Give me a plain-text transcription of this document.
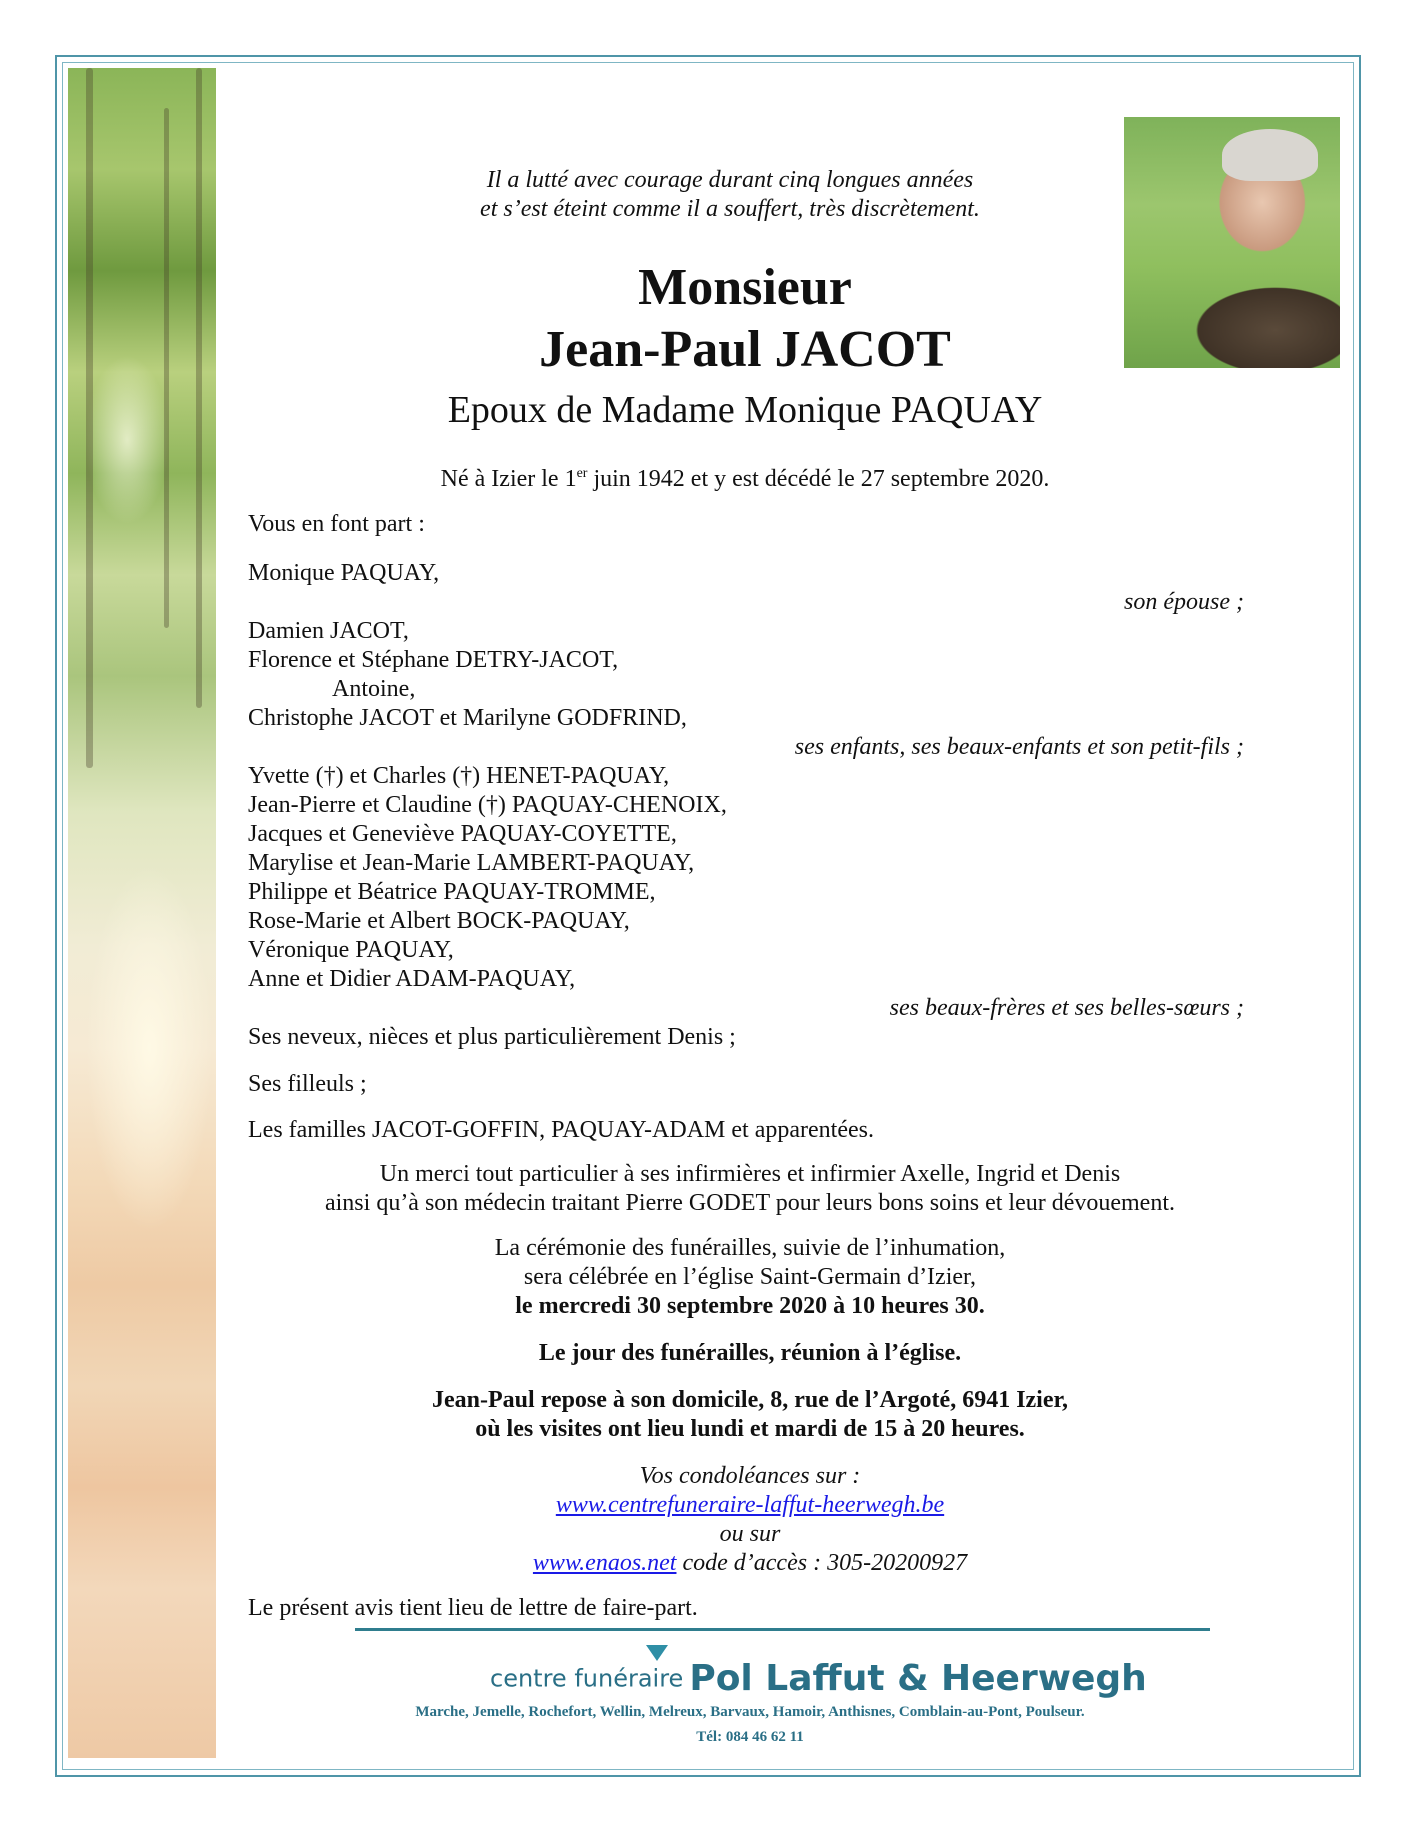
Il a lutté avec courage durant cinq longues années
et s’est éteint comme il a souffert, très discrètement.
Monsieur
Jean-Paul JACOT
Epoux de Madame Monique PAQUAY
Né à Izier le 1er juin 1942 et y est décédé le 27 septembre 2020.
Vous en font part :
Monique PAQUAY,
son épouse ;
Damien JACOT,
Florence et Stéphane DETRY-JACOT,
Antoine,
Christophe JACOT et Marilyne GODFRIND,
ses enfants, ses beaux-enfants et son petit-fils ;
Yvette (†) et Charles (†) HENET-PAQUAY,
Jean-Pierre et Claudine (†) PAQUAY-CHENOIX,
Jacques et Geneviève PAQUAY-COYETTE,
Marylise et Jean-Marie LAMBERT-PAQUAY,
Philippe et Béatrice PAQUAY-TROMME,
Rose-Marie et Albert BOCK-PAQUAY,
Véronique PAQUAY,
Anne et Didier ADAM-PAQUAY,
ses beaux-frères et ses belles-sœurs ;
Ses neveux, nièces et plus particulièrement Denis ;
Ses filleuls ;
Les familles JACOT-GOFFIN, PAQUAY-ADAM et apparentées.
Un merci tout particulier à ses infirmières et infirmier Axelle, Ingrid et Denis
ainsi qu’à son médecin traitant Pierre GODET pour leurs bons soins et leur dévouement.
La cérémonie des funérailles, suivie de l’inhumation,
sera célébrée en l’église Saint-Germain d’Izier,
le mercredi 30 septembre 2020 à 10 heures 30.
Le jour des funérailles, réunion à l’église.
Jean-Paul repose à son domicile, 8, rue de l’Argoté, 6941 Izier,
où les visites ont lieu lundi et mardi de 15 à 20 heures.
Vos condoléances sur :
www.centrefuneraire-laffut-heerwegh.be
ou sur
www.enaos.net code d’accès : 305-20200927
Le présent avis tient lieu de lettre de faire-part.
centre funéraire Pol Laffut & Heerwegh
Marche, Jemelle, Rochefort, Wellin, Melreux, Barvaux, Hamoir, Anthisnes, Comblain-au-Pont, Poulseur.
Tél: 084 46 62 11
